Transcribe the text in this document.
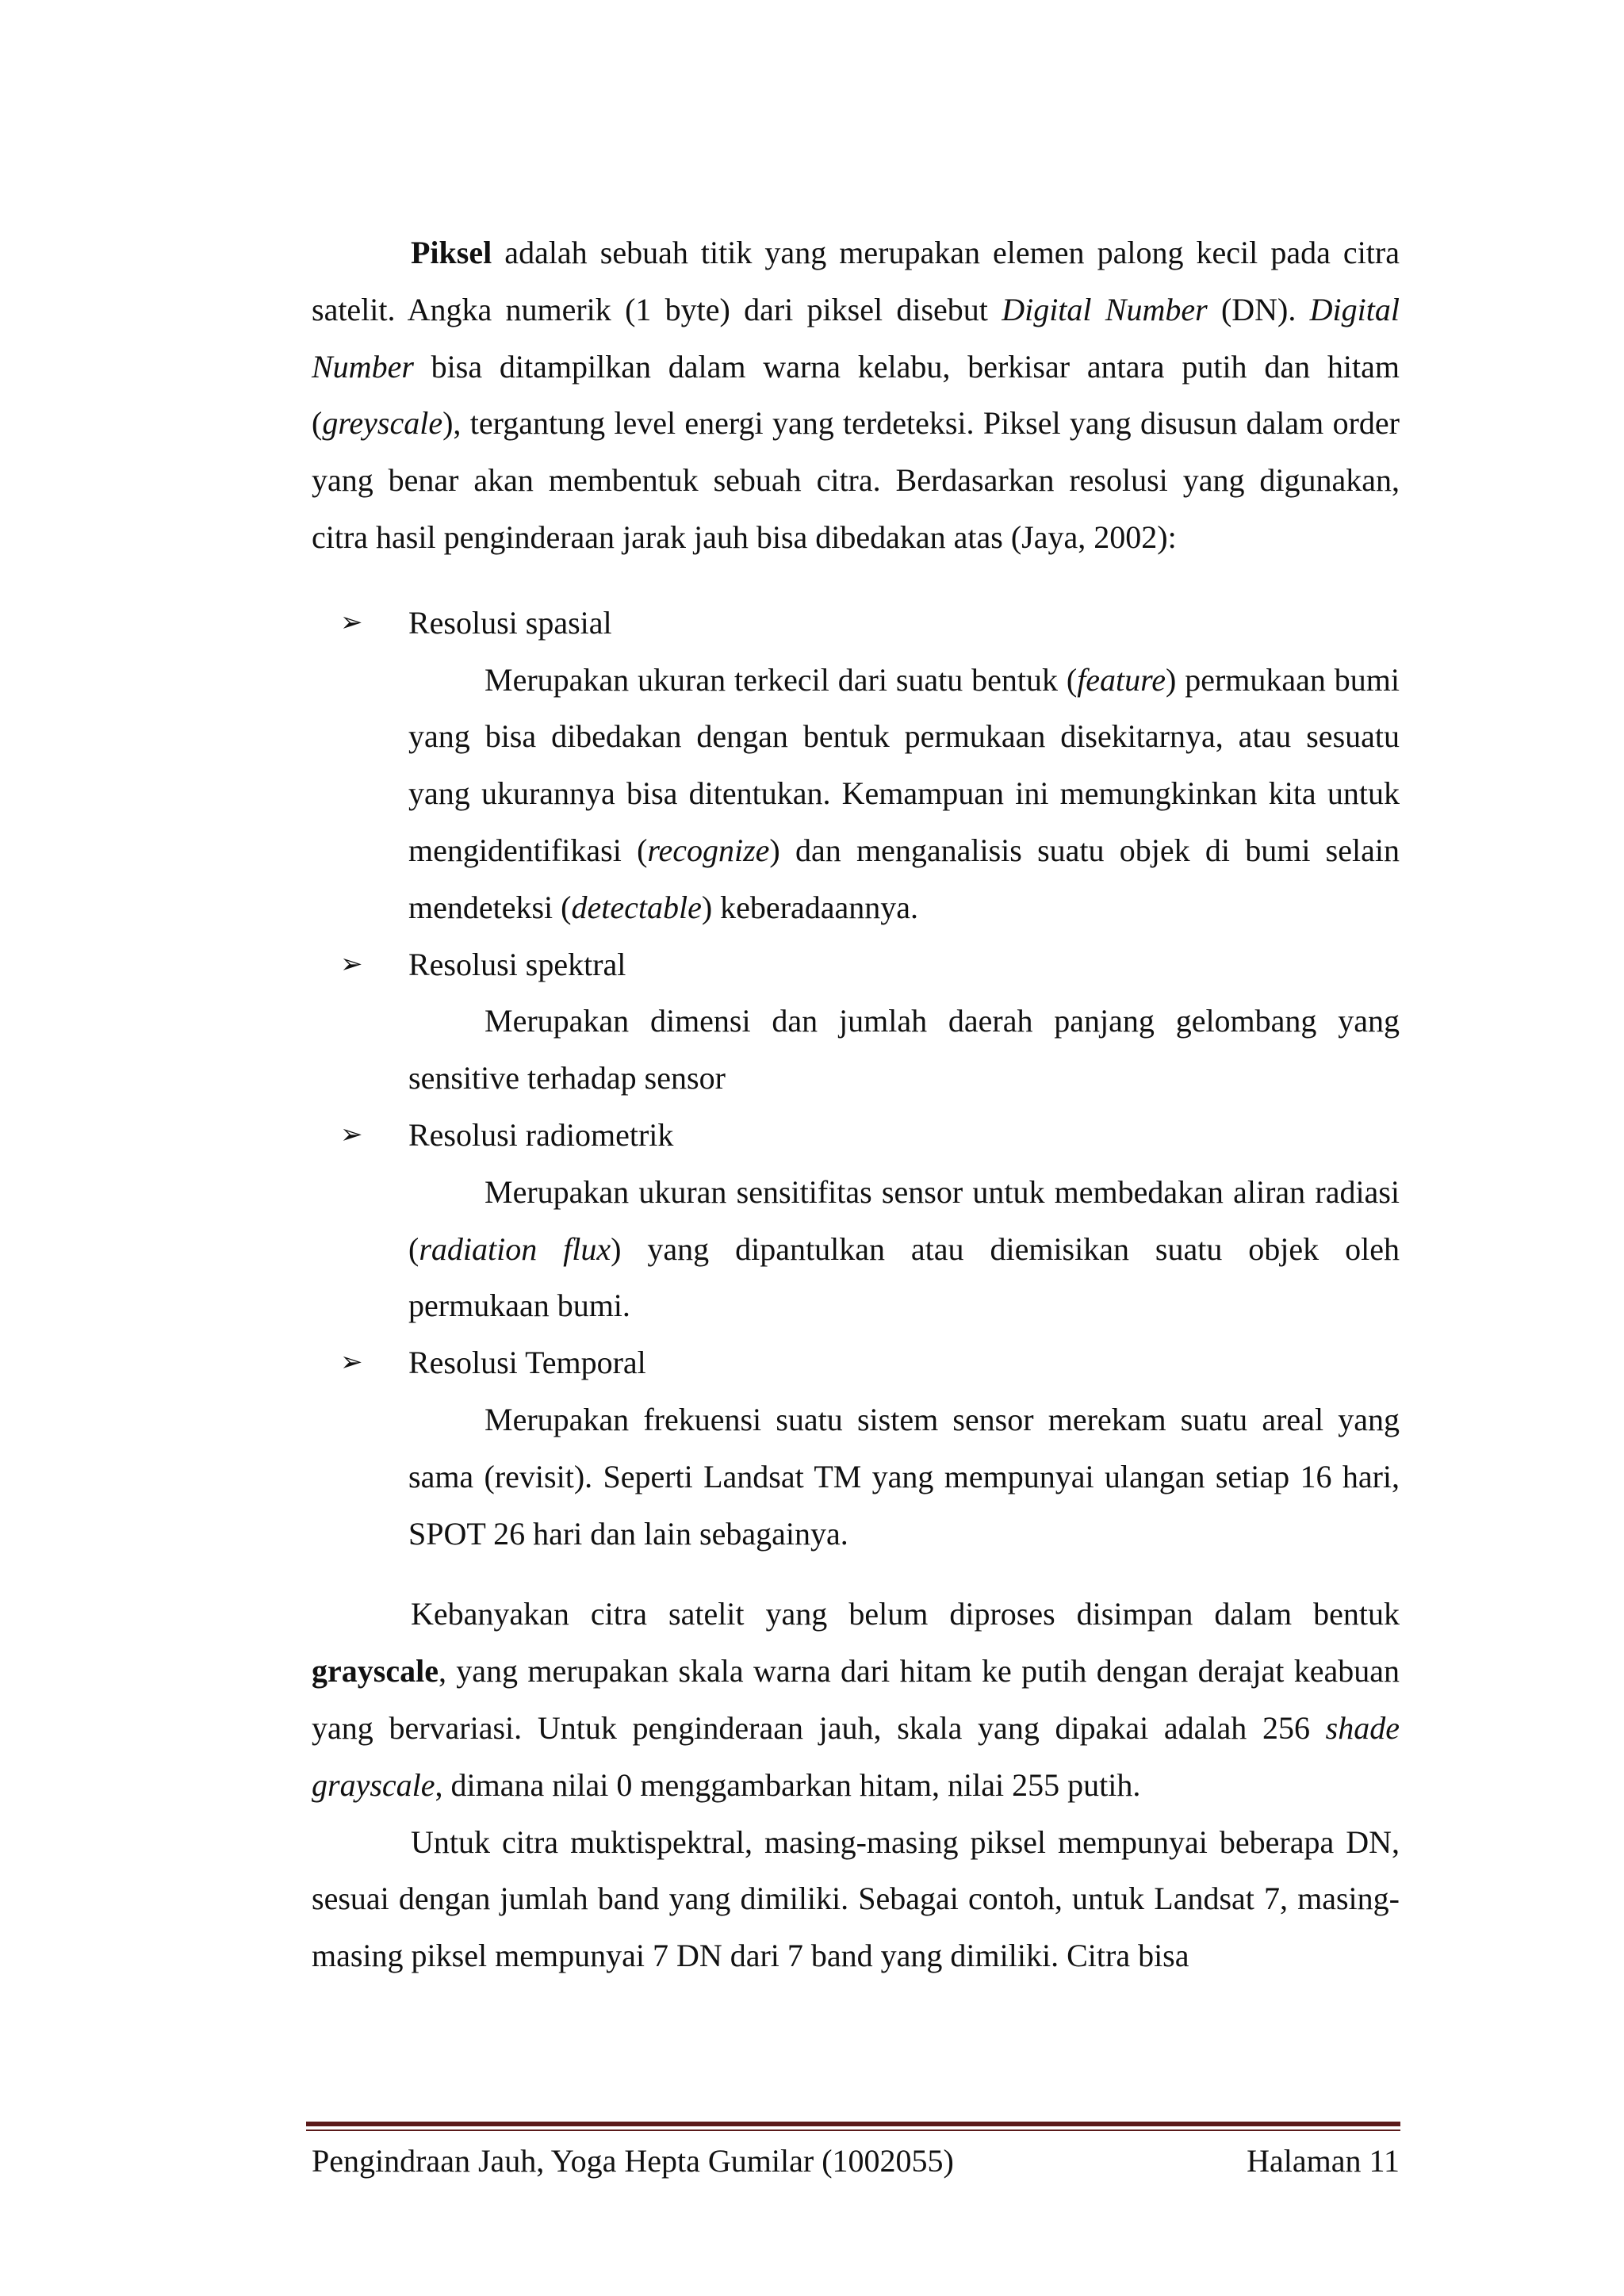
Piksel adalah sebuah titik yang merupakan elemen palong kecil pada citra satelit. Angka numerik (1 byte) dari piksel disebut Digital Number (DN). Digital Number bisa ditampilkan dalam warna kelabu, berkisar antara putih dan hitam (greyscale), tergantung level energi yang terdeteksi. Piksel yang disusun dalam order yang benar akan membentuk sebuah citra. Berdasarkan resolusi yang digunakan, citra hasil penginderaan jarak jauh bisa dibedakan atas (Jaya, 2002):

➢ Resolusi spasial

Merupakan ukuran terkecil dari suatu bentuk (feature) permukaan bumi yang bisa dibedakan dengan bentuk permukaan disekitarnya, atau sesuatu yang ukurannya bisa ditentukan. Kemampuan ini memungkinkan kita untuk mengidentifikasi (recognize) dan menganalisis suatu objek di bumi selain mendeteksi (detectable) keberadaannya.

➢ Resolusi spektral

Merupakan dimensi dan jumlah daerah panjang gelombang yang sensitive terhadap sensor

➢ Resolusi radiometrik

Merupakan ukuran sensitifitas sensor untuk membedakan aliran radiasi (radiation flux) yang dipantulkan atau diemisikan suatu objek oleh permukaan bumi.

➢ Resolusi Temporal

Merupakan frekuensi suatu sistem sensor merekam suatu areal yang sama (revisit). Seperti Landsat TM yang mempunyai ulangan setiap 16 hari, SPOT 26 hari dan lain sebagainya.

Kebanyakan citra satelit yang belum diproses disimpan dalam bentuk grayscale, yang merupakan skala warna dari hitam ke putih dengan derajat keabuan yang bervariasi. Untuk penginderaan jauh, skala yang dipakai adalah 256 shade grayscale, dimana nilai 0 menggambarkan hitam, nilai 255 putih.

Untuk citra muktispektral, masing-masing piksel mempunyai beberapa DN, sesuai dengan jumlah band yang dimiliki. Sebagai contoh, untuk Landsat 7, masing-masing piksel mempunyai 7 DN dari 7 band yang dimiliki. Citra bisa

Pengindraan Jauh, Yoga Hepta Gumilar (1002055)	Halaman 11
